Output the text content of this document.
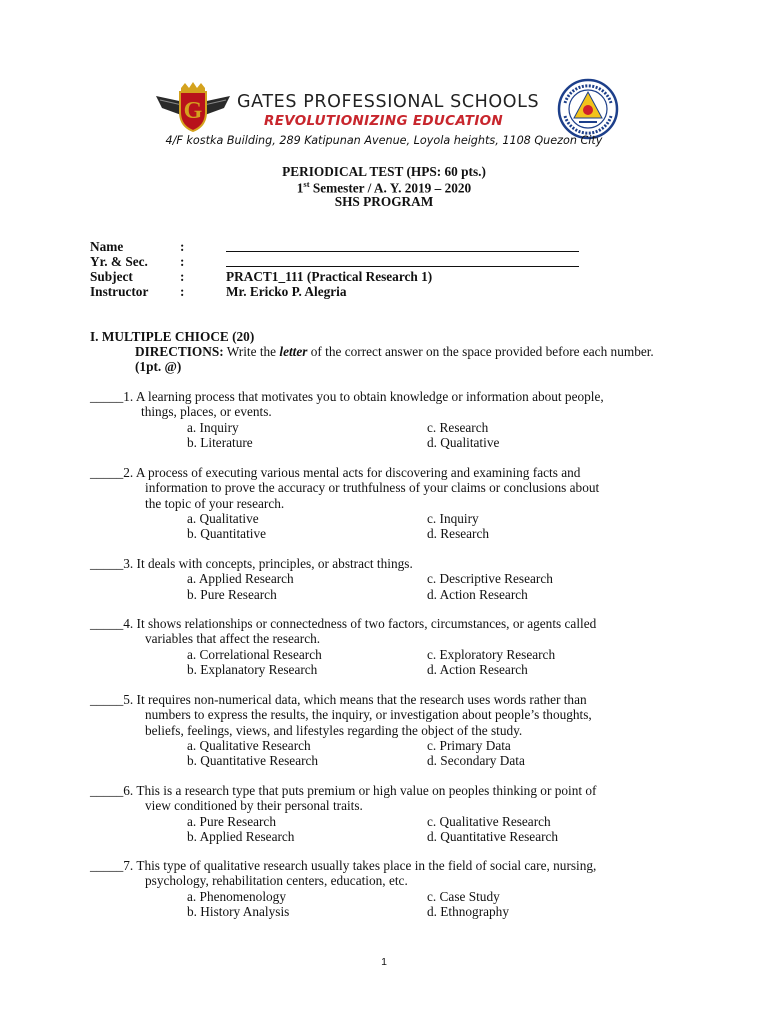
G GATES PROFESSIONAL SCHOOLS
REVOLUTIONIZING EDUCATION
4/F kostka Building, 289 Katipunan Avenue, Loyola heights, 1108 Quezon City
PERIODICAL TEST (HPS: 60 pts.)
1st Semester / A. Y. 2019 – 2020
SHS PROGRAM
Name	:
Yr. & Sec. :
Subject	:	PRACT1_111 (Practical Research 1)
Instructor :	Mr. Ericko P. Alegria
I. MULTIPLE CHIOCE (20)
DIRECTIONS: Write the letter of the correct answer on the space provided before each number. (1pt. @)
_____1. A learning process that motivates you to obtain knowledge or information about people,
things, places, or events.
a. Inquiry	c. Research
b. Literature	d. Qualitative
_____2. A process of executing various mental acts for discovering and examining facts and
information to prove the accuracy or truthfulness of your claims or conclusions about
the topic of your research.
a. Qualitative	c. Inquiry
b. Quantitative	d. Research
_____3. It deals with concepts, principles, or abstract things.
a. Applied Research	c. Descriptive Research
b. Pure Research	d. Action Research
_____4. It shows relationships or connectedness of two factors, circumstances, or agents called
variables that affect the research.
a. Correlational Research	c. Exploratory Research
b. Explanatory Research	d. Action Research
_____5. It requires non-numerical data, which means that the research uses words rather than
numbers to express the results, the inquiry, or investigation about people’s thoughts,
beliefs, feelings, views, and lifestyles regarding the object of the study.
a. Qualitative Research	c. Primary Data
b. Quantitative Research	d. Secondary Data
_____6. This is a research type that puts premium or high value on peoples thinking or point of
view conditioned by their personal traits.
a. Pure Research	c. Qualitative Research
b. Applied Research	d. Quantitative Research
_____7. This type of qualitative research usually takes place in the field of social care, nursing,
psychology, rehabilitation centers, education, etc.
a. Phenomenology	c. Case Study
b. History Analysis	d. Ethnography
1
